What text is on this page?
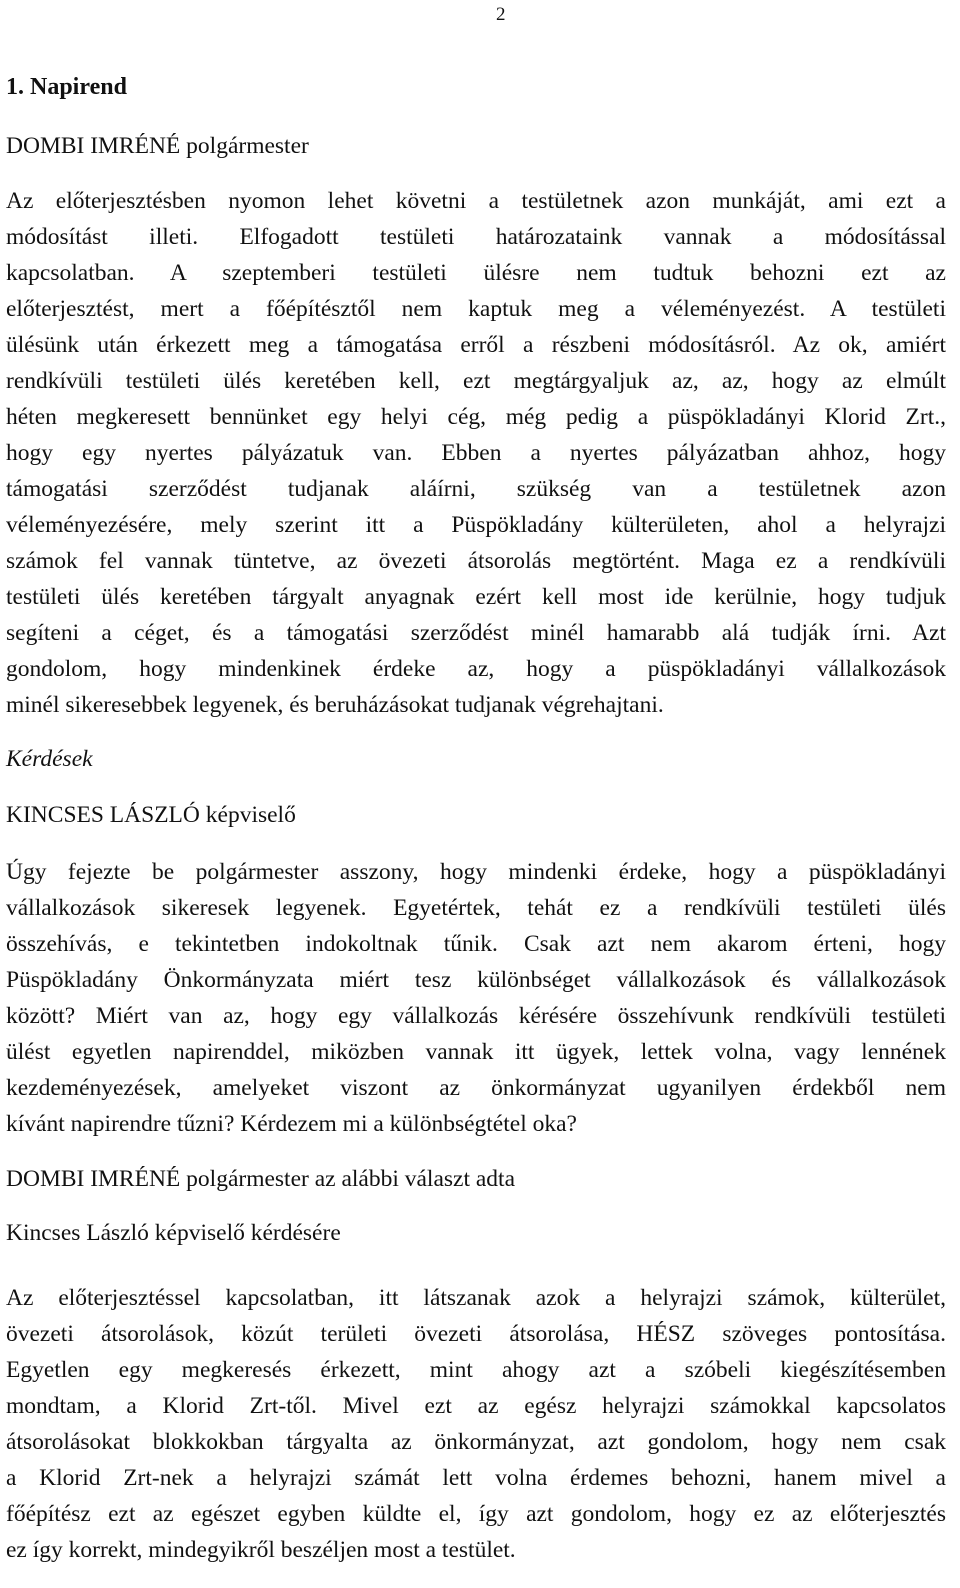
2
1. Napirend
DOMBI IMRÉNÉ polgármester
Az előterjesztésben nyomon lehet követni a testületnek azon munkáját, ami ezt a
módosítást illeti. Elfogadott testületi határozataink vannak a módosítással
kapcsolatban. A szeptemberi testületi ülésre nem tudtuk behozni ezt az
előterjesztést, mert a főépítésztől nem kaptuk meg a véleményezést. A testületi
ülésünk után érkezett meg a támogatása erről a részbeni módosításról. Az ok, amiért
rendkívüli testületi ülés keretében kell, ezt megtárgyaljuk az, az, hogy az elmúlt
héten megkeresett bennünket egy helyi cég, még pedig a püspökladányi Klorid Zrt.,
hogy egy nyertes pályázatuk van. Ebben a nyertes pályázatban ahhoz, hogy
támogatási szerződést tudjanak aláírni, szükség van a testületnek azon
véleményezésére, mely szerint itt a Püspökladány külterületen, ahol a helyrajzi
számok fel vannak tüntetve, az övezeti átsorolás megtörtént. Maga ez a rendkívüli
testületi ülés keretében tárgyalt anyagnak ezért kell most ide kerülnie, hogy tudjuk
segíteni a céget, és a támogatási szerződést minél hamarabb alá tudják írni. Azt
gondolom, hogy mindenkinek érdeke az, hogy a püspökladányi vállalkozások
minél sikeresebbek legyenek, és beruházásokat tudjanak végrehajtani.
Kérdések
KINCSES LÁSZLÓ képviselő
Úgy fejezte be polgármester asszony, hogy mindenki érdeke, hogy a püspökladányi
vállalkozások sikeresek legyenek. Egyetértek, tehát ez a rendkívüli testületi ülés
összehívás, e tekintetben indokoltnak tűnik. Csak azt nem akarom érteni, hogy
Püspökladány Önkormányzata miért tesz különbséget vállalkozások és vállalkozások
között? Miért van az, hogy egy vállalkozás kérésére összehívunk rendkívüli testületi
ülést egyetlen napirenddel, miközben vannak itt ügyek, lettek volna, vagy lennének
kezdeményezések, amelyeket viszont az önkormányzat ugyanilyen érdekből nem
kívánt napirendre tűzni? Kérdezem mi a különbségtétel oka?
DOMBI IMRÉNÉ polgármester az alábbi választ adta
Kincses László képviselő kérdésére
Az előterjesztéssel kapcsolatban, itt látszanak azok a helyrajzi számok, külterület,
övezeti átsorolások, közút területi övezeti átsorolása, HÉSZ szöveges pontosítása.
Egyetlen egy megkeresés érkezett, mint ahogy azt a szóbeli kiegészítésemben
mondtam, a Klorid Zrt-től. Mivel ezt az egész helyrajzi számokkal kapcsolatos
átsorolásokat blokkokban tárgyalta az önkormányzat, azt gondolom, hogy nem csak
a Klorid Zrt-nek a helyrajzi számát lett volna érdemes behozni, hanem mivel a
főépítész ezt az egészet egyben küldte el, így azt gondolom, hogy ez az előterjesztés
ez így korrekt, mindegyikről beszéljen most a testület.
